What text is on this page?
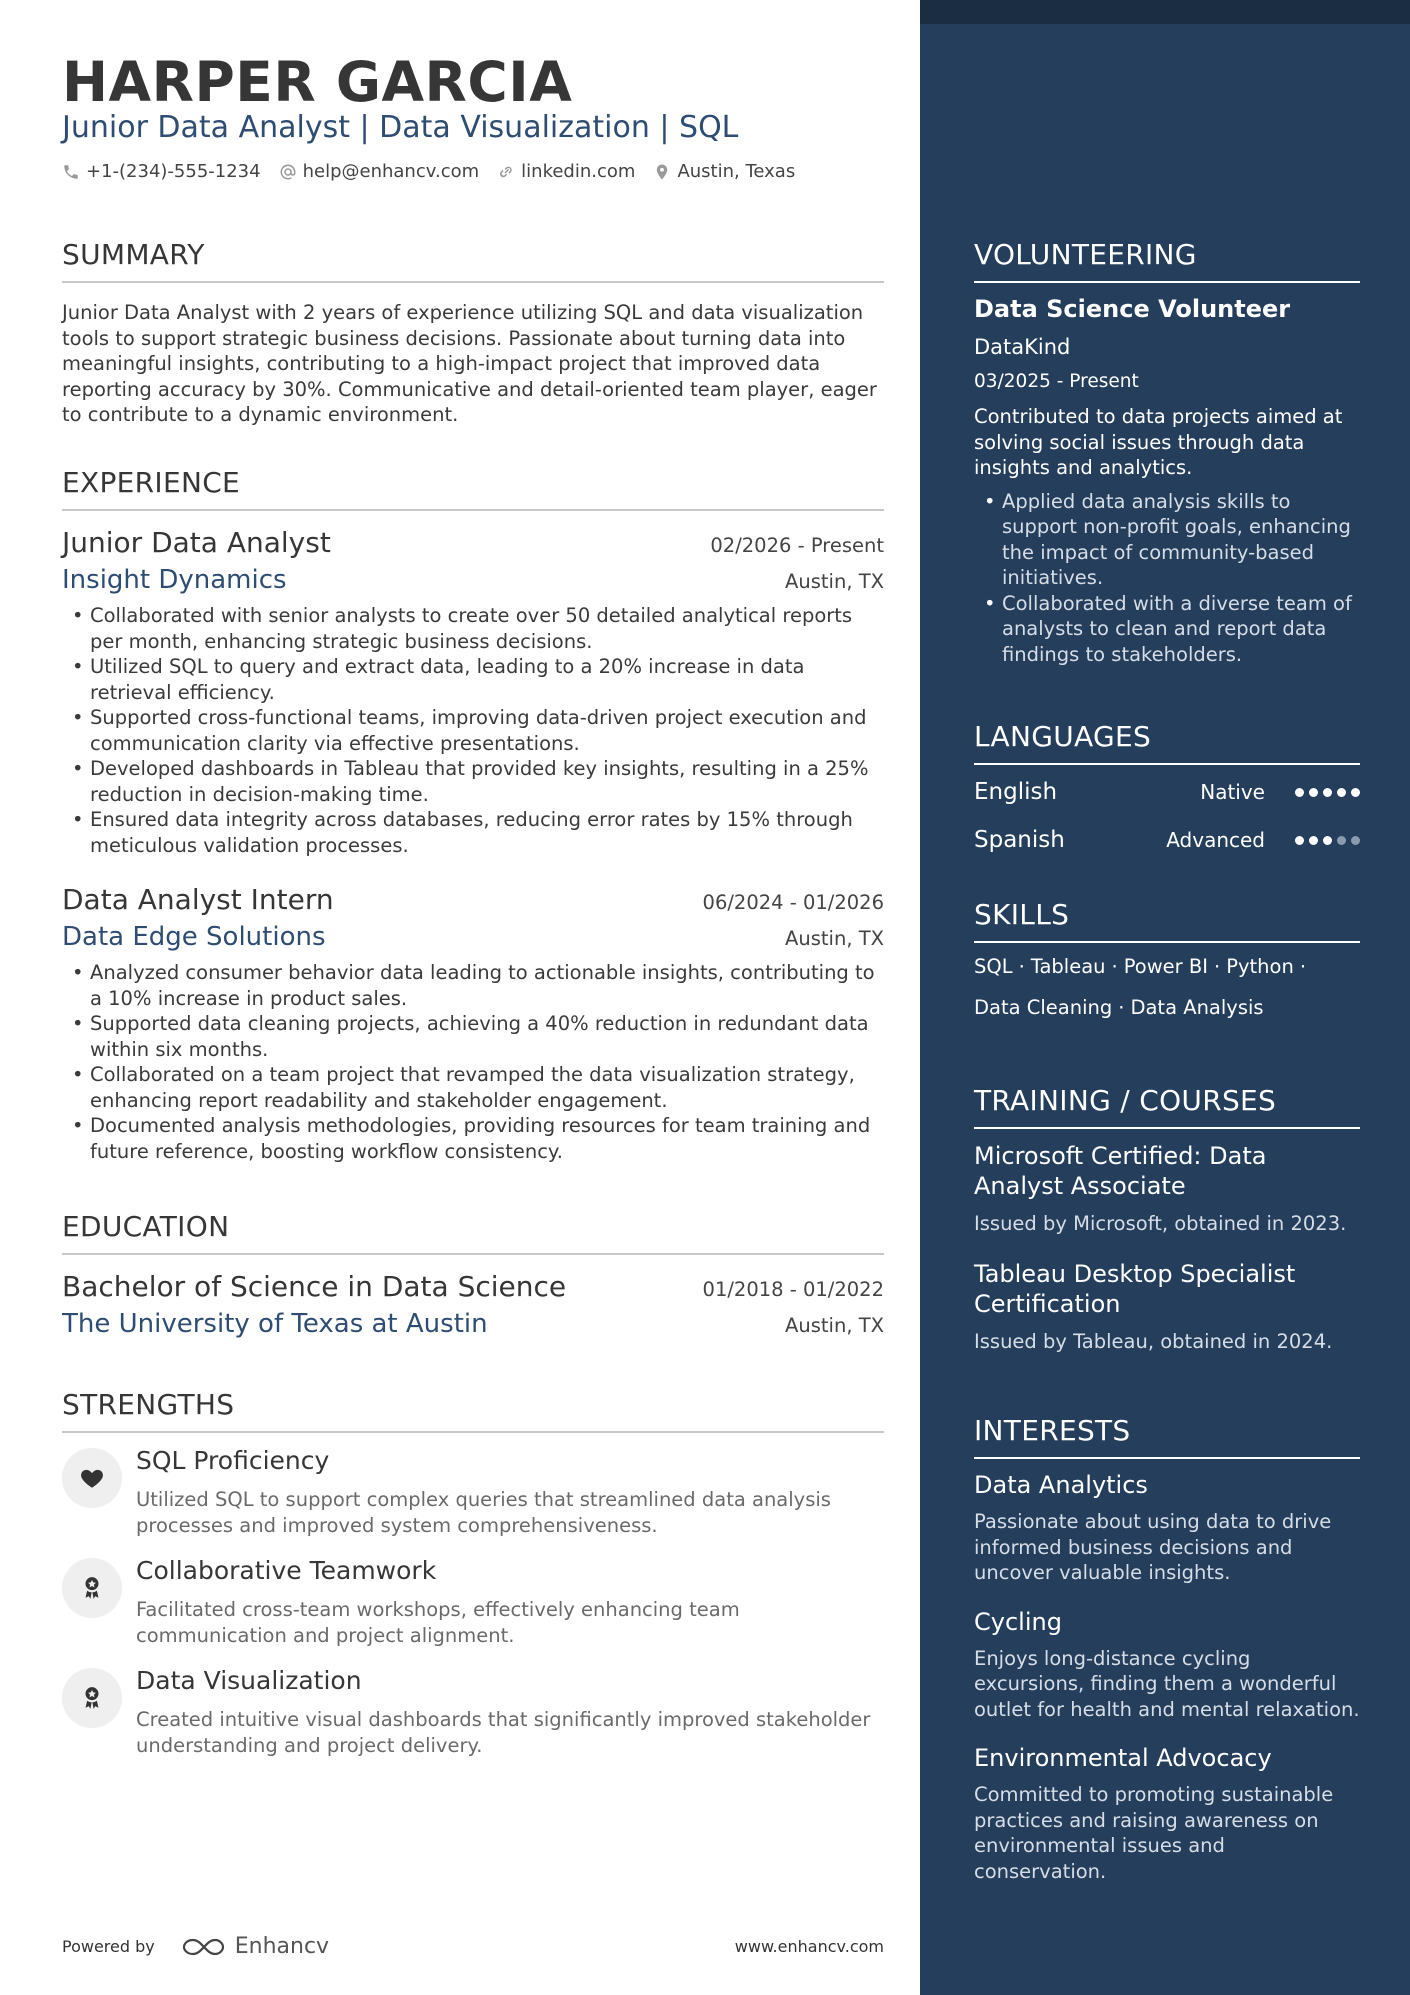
HARPER GARCIA
Junior Data Analyst | Data Visualization | SQL
+1-(234)-555-1234 help@enhancv.com linkedin.com Austin, Texas
SUMMARY
Junior Data Analyst with 2 years of experience utilizing SQL and data visualization tools to support strategic business decisions. Passionate about turning data into meaningful insights, contributing to a high-impact project that improved data reporting accuracy by 30%. Communicative and detail-oriented team player, eager to contribute to a dynamic environment.
EXPERIENCE
Junior Data Analyst	02/2026 - Present
Insight Dynamics	Austin, TX
• Collaborated with senior analysts to create over 50 detailed analytical reports per month, enhancing strategic business decisions.
• Utilized SQL to query and extract data, leading to a 20% increase in data retrieval efficiency.
• Supported cross-functional teams, improving data-driven project execution and communication clarity via effective presentations.
• Developed dashboards in Tableau that provided key insights, resulting in a 25% reduction in decision-making time.
• Ensured data integrity across databases, reducing error rates by 15% through meticulous validation processes.
Data Analyst Intern	06/2024 - 01/2026
Data Edge Solutions	Austin, TX
• Analyzed consumer behavior data leading to actionable insights, contributing to a 10% increase in product sales.
• Supported data cleaning projects, achieving a 40% reduction in redundant data within six months.
• Collaborated on a team project that revamped the data visualization strategy, enhancing report readability and stakeholder engagement.
• Documented analysis methodologies, providing resources for team training and future reference, boosting workflow consistency.
EDUCATION
Bachelor of Science in Data Science	01/2018 - 01/2022
The University of Texas at Austin	Austin, TX
STRENGTHS
SQL Proficiency
Utilized SQL to support complex queries that streamlined data analysis processes and improved system comprehensiveness.
Collaborative Teamwork
Facilitated cross-team workshops, effectively enhancing team communication and project alignment.
Data Visualization
Created intuitive visual dashboards that significantly improved stakeholder understanding and project delivery.
Powered by	Enhancv	www.enhancv.com
VOLUNTEERING
Data Science Volunteer
DataKind
03/2025 - Present
Contributed to data projects aimed at solving social issues through data insights and analytics.
• Applied data analysis skills to support non-profit goals, enhancing the impact of community-based initiatives.
• Collaborated with a diverse team of analysts to clean and report data findings to stakeholders.
LANGUAGES
English	Native
Spanish	Advanced
SKILLS
SQL · Tableau · Power BI · Python ·
Data Cleaning · Data Analysis
TRAINING / COURSES
Microsoft Certified: Data Analyst Associate
Issued by Microsoft, obtained in 2023.
Tableau Desktop Specialist Certification
Issued by Tableau, obtained in 2024.
INTERESTS
Data Analytics
Passionate about using data to drive informed business decisions and uncover valuable insights.
Cycling
Enjoys long-distance cycling excursions, finding them a wonderful outlet for health and mental relaxation.
Environmental Advocacy
Committed to promoting sustainable practices and raising awareness on environmental issues and conservation.
